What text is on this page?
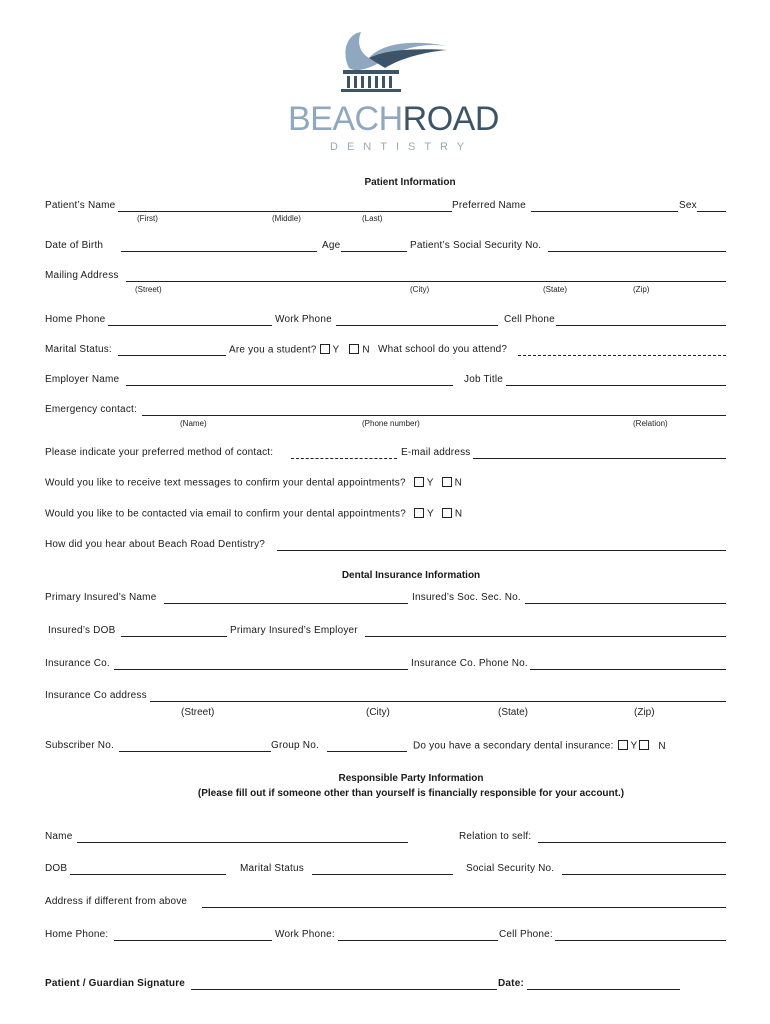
BEACHROAD
DENTISTRY
Patient Information
Patient’s Name	Preferred Name	Sex
(First)	(Middle)	(Last)
Date of Birth	Age	Patient’s Social Security No.
Mailing Address
(Street)	(City)	(State)	(Zip)
Home Phone	Work Phone	Cell Phone
Marital Status:	Are you a student? Y N What school do you attend?
Employer Name	Job Title
Emergency contact:
(Name)	(Phone number)	(Relation)
Please indicate your preferred method of contact:	E-mail address
Would you like to receive text messages to confirm your dental appointments? Y N
Would you like to be contacted via email to confirm your dental appointments? Y N
How did you hear about Beach Road Dentistry?
Dental Insurance Information
Primary Insured’s Name	Insured’s Soc. Sec. No.
Insured’s DOB	Primary Insured’s Employer
Insurance Co.	Insurance Co. Phone No.
Insurance Co address
(Street)	(City)	(State)	(Zip)
Subscriber No.	Group No.	Do you have a secondary dental insurance: Y N
Responsible Party Information
(Please fill out if someone other than yourself is financially responsible for your account.)
Name	Relation to self:
DOB	Marital Status	Social Security No.
Address if different from above
Home Phone:	Work Phone:	Cell Phone:
Patient / Guardian Signature	Date:
